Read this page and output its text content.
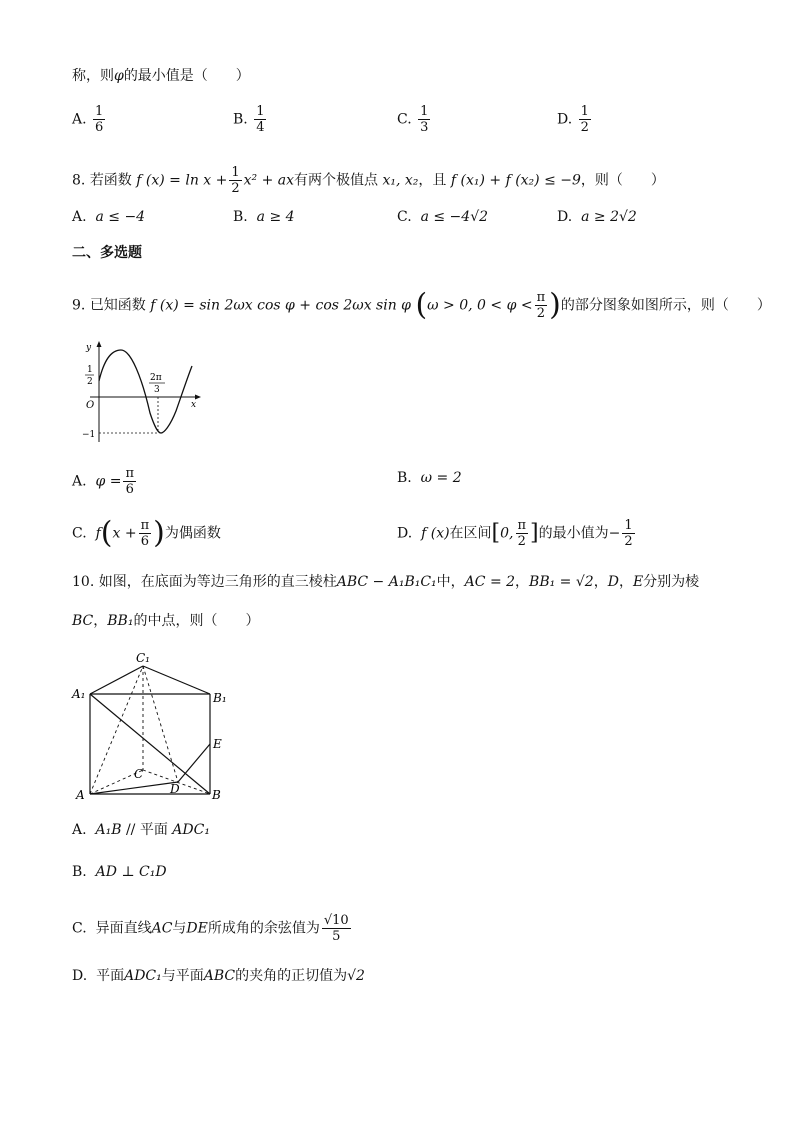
称，则φ的最小值是（　　）
A. $\frac{1}{6}$	B. $\frac{1}{4}$	C. $\frac{1}{3}$	D. $\frac{1}{2}$
8. 若函数 f $(x) = \ln x + \frac{1}{2} x^2$ + ax有两个极值点 x₁, x₂，且 f (x₁) + f (x₂) ≤ −9，则（　　）
A. a ≤ −4	B. a ≥ 4	C. a ≤ −4√2	D. a ≥ 2√2
二、多选题
9. 已知函数 f (x) = sin 2ωx cos φ + cos 2ωx sin φ (ω > 0, $0 < \varphi < \frac{\pi}{2}$ )的部分图象如图所示，则（　　）
y
x
O
1
2	2π
3
−1
A. $\varphi = \frac{\pi}{6}$	B. ω = 2
C. $f(x + \frac{\pi}{6}$ )为偶函数	D. f (x)在区间[0, $\frac{\pi}{2}$ ]的最小值为− $\frac{1}{2}$
10. 如图，在底面为等边三角形的直三棱柱ABC − A₁B₁C₁中，AC = 2，BB₁ = √2，D，E分别为棱
BC，BB₁的中点，则（　　）
C₁
A₁	B₁
E
C
D
A	B
A. A₁B // 平面 ADC₁
B. AD ⊥ C₁D
C. 异面直线AC与DE所成角的余弦值为 $\frac{√10}{5}$
D. 平面ADC₁与平面ABC的夹角的正切值为√2
